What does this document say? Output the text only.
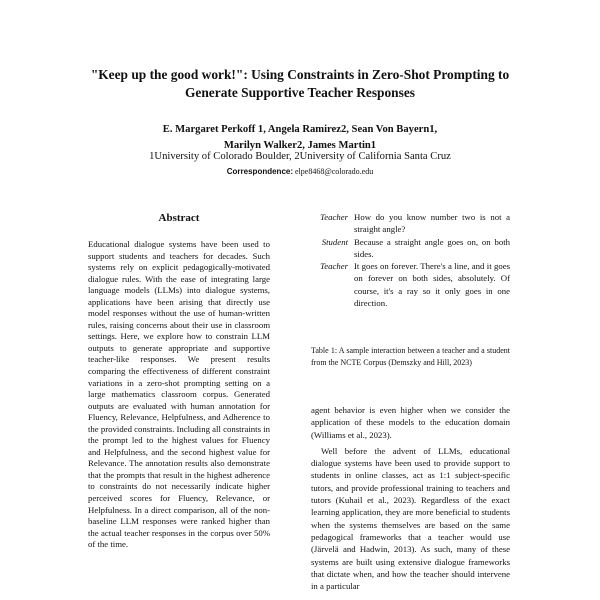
"Keep up the good work!": Using Constraints in Zero-Shot Prompting to
Generate Supportive Teacher Responses
E. Margaret Perkoff 1, Angela Ramirez2, Sean Von Bayern1,
Marilyn Walker2, James Martin1
1University of Colorado Boulder, 2University of California Santa Cruz
Correspondence: elpe8468@colorado.edu
Abstract
Educational dialogue systems have been used to support students and teachers for decades. Such systems rely on explicit pedagogically-motivated dialogue rules. With the ease of integrating large language models (LLMs) into dialogue systems, applications have been arising that directly use model responses without the use of human-written rules, raising concerns about their use in classroom settings. Here, we explore how to constrain LLM outputs to generate appropriate and supportive teacher-like responses. We present results comparing the effectiveness of different constraint variations in a zero-shot prompting setting on a large mathematics classroom corpus. Generated outputs are evaluated with human annotation for Fluency, Relevance, Helpfulness, and Adherence to the provided constraints. Including all constraints in the prompt led to the highest values for Fluency and Helpfulness, and the second highest value for Relevance. The annotation results also demonstrate that the prompts that result in the highest adherence to constraints do not necessarily indicate higher perceived scores for Fluency, Relevance, or Helpfulness. In a direct comparison, all of the non-baseline LLM responses were ranked higher than the actual teacher responses in the corpus over 50% of the time.
Teacher How do you know number two is not a straight angle?
Student Because a straight angle goes on, on both sides.
Teacher It goes on forever. There's a line, and it goes on forever on both sides, absolutely. Of course, it's a ray so it only goes in one direction.
Table 1: A sample interaction between a teacher and a student from the NCTE Corpus (Demszky and Hill, 2023)

agent behavior is even higher when we consider the application of these models to the education domain (Williams et al., 2023).

Well before the advent of LLMs, educational dialogue systems have been used to provide support to students in online classes, act as 1:1 subject-specific tutors, and provide professional training to teachers and tutors (Kuhail et al., 2023). Regardless of the exact learning application, they are more beneficial to students when the systems themselves are based on the same pedagogical frameworks that a teacher would use (Järvelä and Hadwin, 2013). As such, many of these systems are built using extensive dialogue frameworks that dictate when, and how the teacher should intervene in a particular
